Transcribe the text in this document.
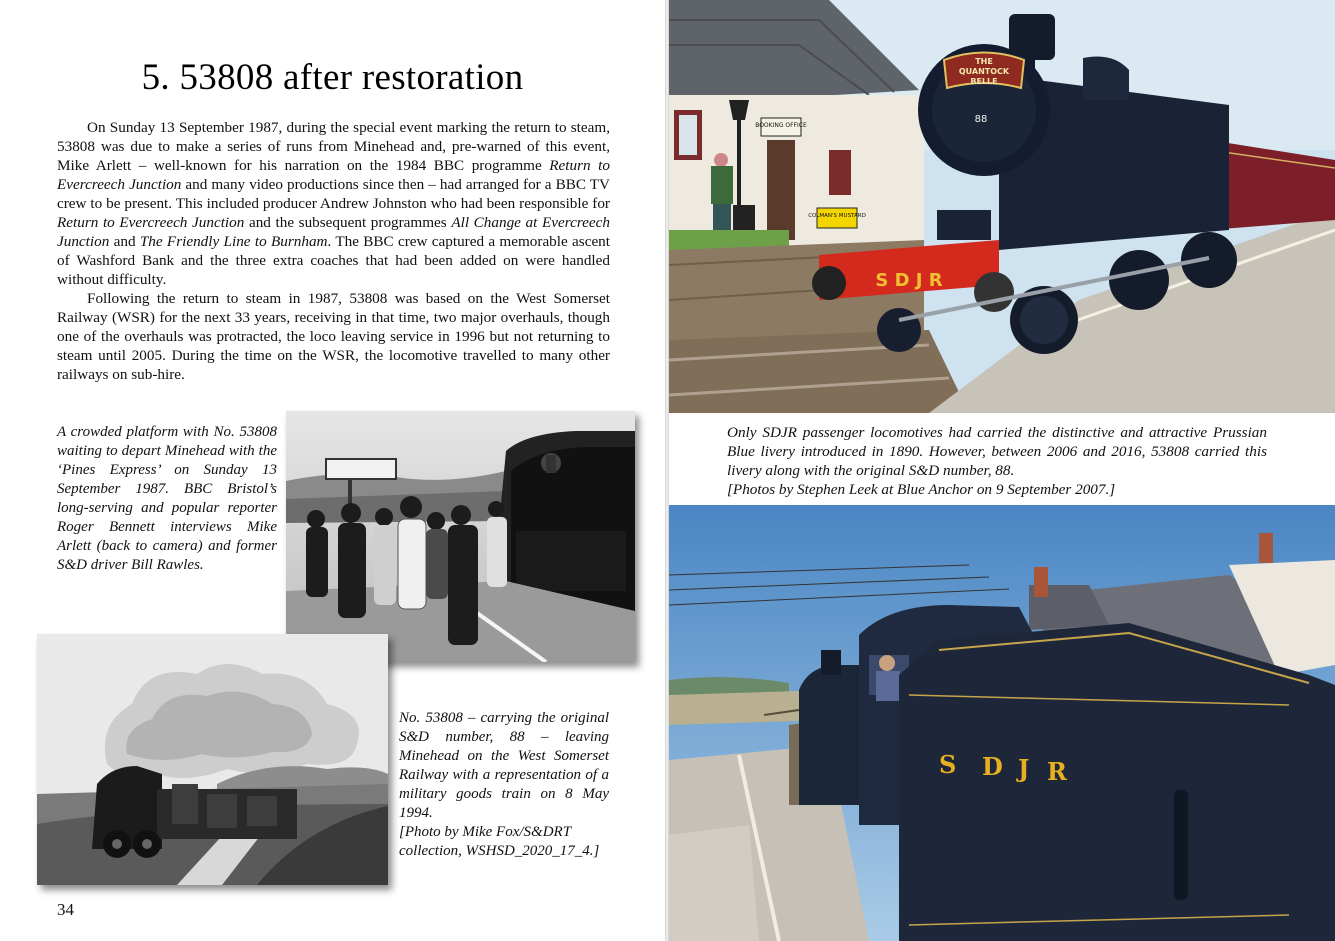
5. 53808 after restoration

On Sunday 13 September 1987, during the special event marking the return to steam, 53808 was due to make a series of runs from Minehead and, pre-warned of this event, Mike Arlett – well-known for his narration on the 1984 BBC programme Return to Evercreech Junction and many video productions since then – had arranged for a BBC TV crew to be present. This included producer Andrew Johnston who had been responsible for Return to Evercreech Junction and the subsequent programmes All Change at Evercreech Junction and The Friendly Line to Burnham. The BBC crew captured a memorable ascent of Washford Bank and the three extra coaches that had been added on were handled without difficulty.

Following the return to steam in 1987, 53808 was based on the West Somerset Railway (WSR) for the next 33 years, receiving in that time, two major overhauls, though one of the overhauls was protracted, the loco leaving service in 1996 but not returning to steam until 2005. During the time on the WSR, the locomotive travelled to many other railways on sub-hire.

A crowded platform with No. 53808 waiting to depart Minehead with the ‘Pines Express’ on Sunday 13 September 1987. BBC Bristol’s long-serving and popular reporter Roger Bennett interviews Mike Arlett (back to camera) and former S&D driver Bill Rawles.

No. 53808 – carrying the original S&D number, 88 – leaving Minehead on the West Somerset Railway with a representation of a military goods train on 8 May 1994.

[Photo by Mike Fox/S&DRT collection, WSHSD_2020_17_4.]

34

BOOKING OFFICE
COLMAN'S MUSTARD
THE
QUANTOCK
BELLE
88
S D J R

Only SDJR passenger locomotives had carried the distinctive and attractive Prussian Blue livery introduced in 1890. However, between 2006 and 2016, 53808 carried this livery along with the original S&D number, 88.

[Photos by Stephen Leek at Blue Anchor on 9 September 2007.]

S D J R
